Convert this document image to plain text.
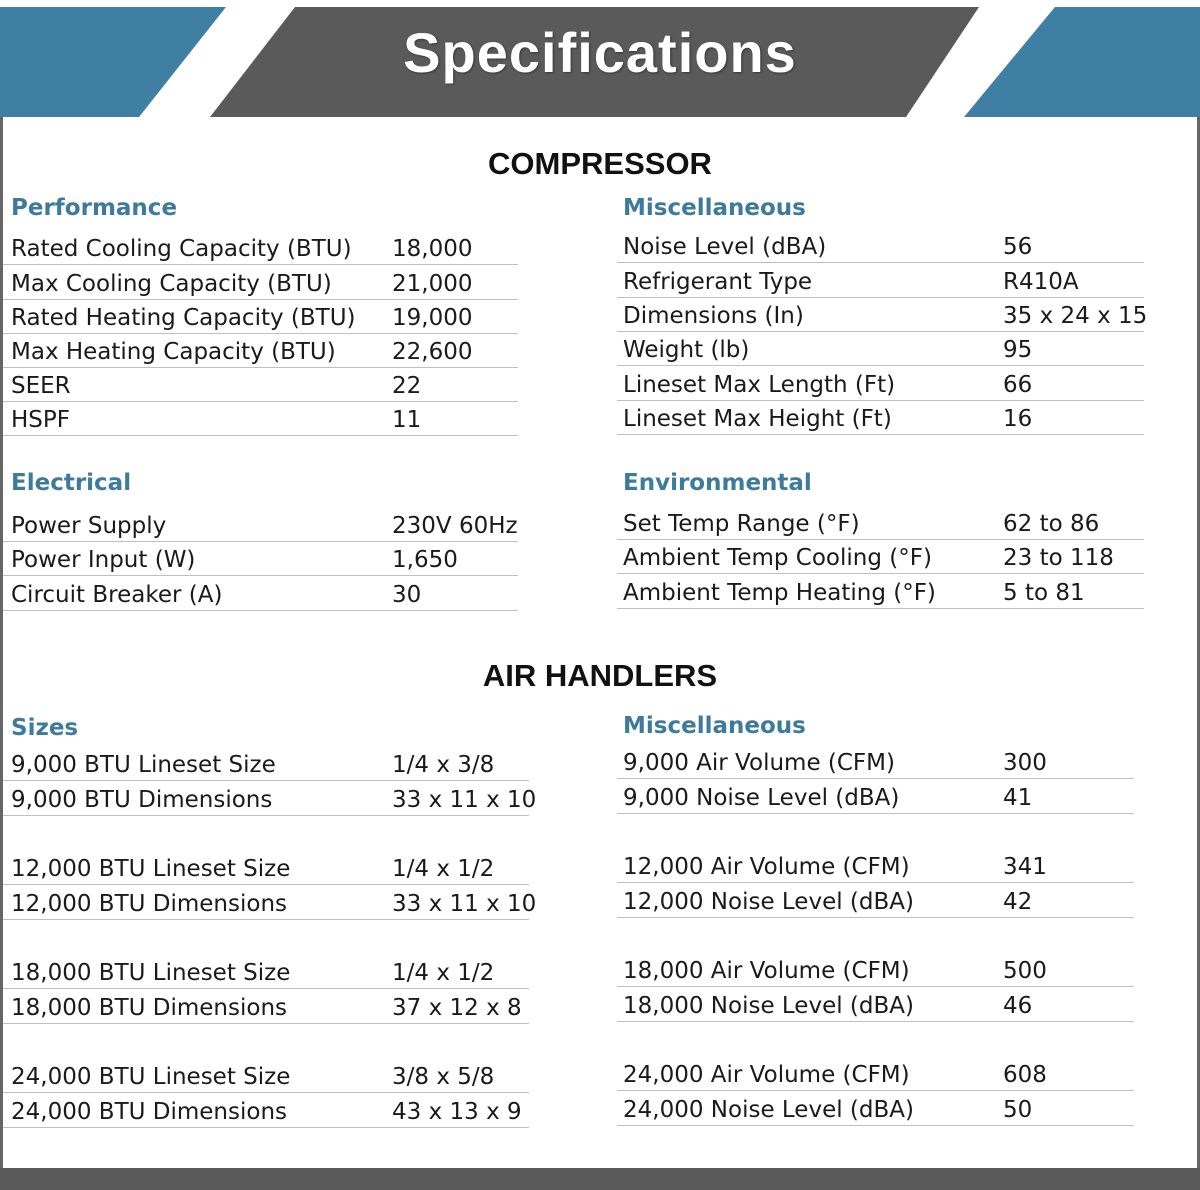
Specifications
COMPRESSOR
Performance
Rated Cooling Capacity (BTU) 18,000
Max Cooling Capacity (BTU)	21,000
Rated Heating Capacity (BTU) 19,000
Max Heating Capacity (BTU) 22,600
SEER	22
HSPF	11
Miscellaneous
Noise Level (dBA)	56
Refrigerant Type	R410A
Dimensions (In)	35 x 24 x 15
Weight (lb)	95
Lineset Max Length (Ft)	66
Lineset Max Height (Ft)	16
Electrical
Power Supply	230V 60Hz
Power Input (W)	1,650
Circuit Breaker (A)	30
Environmental
Set Temp Range (°F)	62 to 86
Ambient Temp Cooling (°F)	23 to 118
Ambient Temp Heating (°F)	5 to 81
AIR HANDLERS
Sizes
9,000 BTU Lineset Size	1/4 x 3/8
9,000 BTU Dimensions	33 x 11 x 10
12,000 BTU Lineset Size	1/4 x 1/2
12,000 BTU Dimensions	33 x 11 x 10
18,000 BTU Lineset Size	1/4 x 1/2
18,000 BTU Dimensions	37 x 12 x 8
24,000 BTU Lineset Size	3/8 x 5/8
24,000 BTU Dimensions	43 x 13 x 9
Miscellaneous
9,000 Air Volume (CFM)	300
9,000 Noise Level (dBA)	41
12,000 Air Volume (CFM)	341
12,000 Noise Level (dBA)	42
18,000 Air Volume (CFM)	500
18,000 Noise Level (dBA)	46
24,000 Air Volume (CFM)	608
24,000 Noise Level (dBA)	50
